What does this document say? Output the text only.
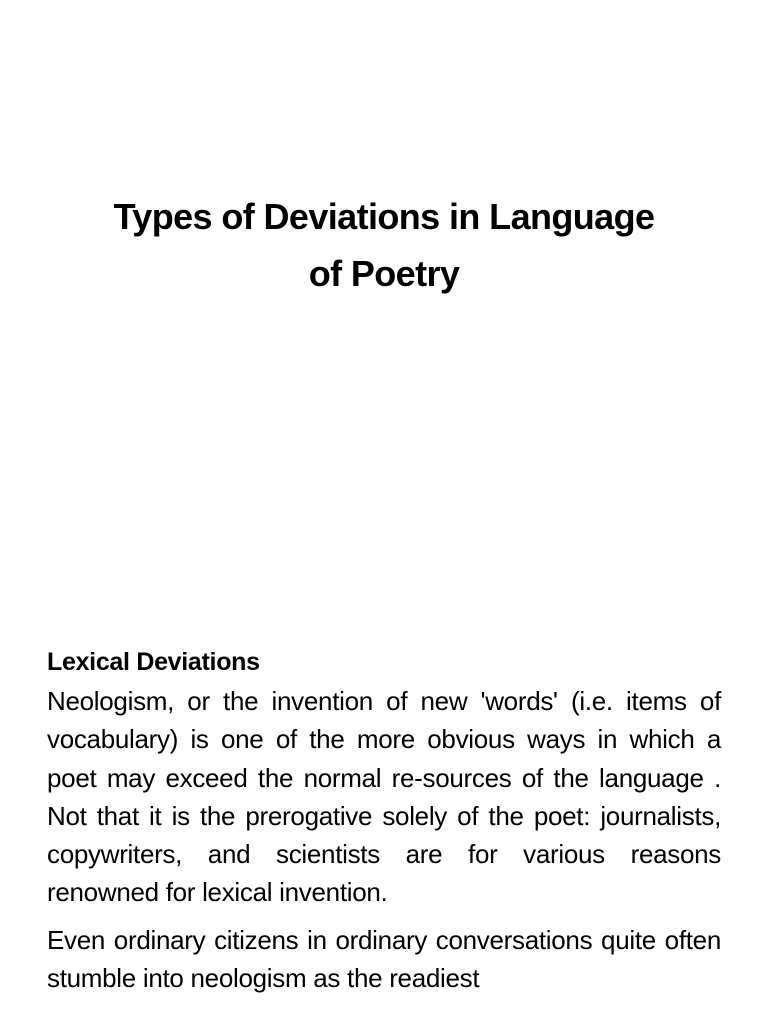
Types of Deviations in Language
of Poetry
Lexical Deviations

Neologism, or the invention of new 'words' (i.e. items of vocabulary) is one of the more obvious ways in which a poet may exceed the normal re-sources of the language . Not that it is the prerogative solely of the poet: journalists, copywriters, and scientists are for various reasons renowned for lexical invention.

Even ordinary citizens in ordinary conversations quite often stumble into neologism as the readiest
